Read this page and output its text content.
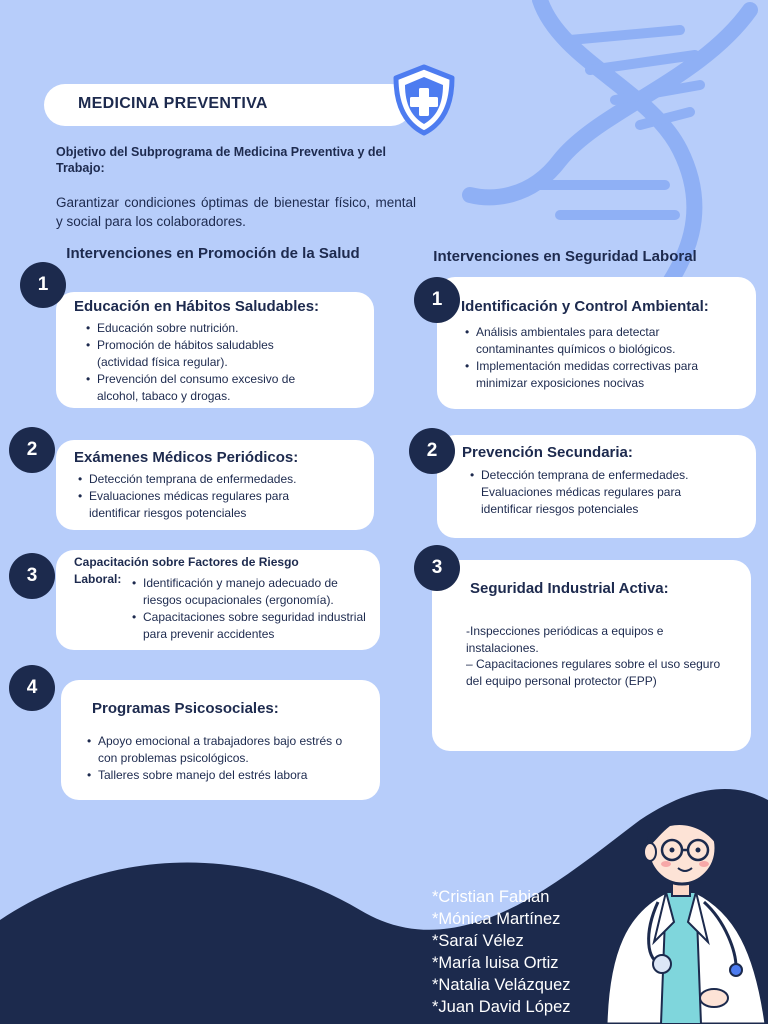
MEDICINA PREVENTIVA
Objetivo del Subprograma de Medicina Preventiva y del Trabajo:
Garantizar condiciones óptimas de bienestar físico, mental y social para los colaboradores.
Intervenciones en Promoción de la Salud	Intervenciones en Seguridad Laboral
Educación en Hábitos Saludables:
• Educación sobre nutrición.
• Promoción de hábitos saludables (actividad física regular).
• Prevención del consumo excesivo de alcohol, tabaco y drogas.
1
Exámenes Médicos Periódicos:
• Detección temprana de enfermedades.
• Evaluaciones médicas regulares para identificar riesgos potenciales
2
Capacitación sobre Factores de Riesgo
Laboral:
•	Identificación y manejo adecuado de riesgos ocupacionales (ergonomía).
• Capacitaciones sobre seguridad industrial para prevenir accidentes
3
Programas Psicosociales:
• Apoyo emocional a trabajadores bajo estrés o con problemas psicológicos.
• Talleres sobre manejo del estrés labora
4
Identificación y Control Ambiental:
• Análisis ambientales para detectar contaminantes químicos o biológicos.
• Implementación medidas correctivas para minimizar exposiciones nocivas
1
Prevención Secundaria:
• Detección temprana de enfermedades. Evaluaciones médicas regulares para identificar riesgos potenciales
2
Seguridad Industrial Activa:
-Inspecciones periódicas a equipos e instalaciones.
– Capacitaciones regulares sobre el uso seguro del equipo personal protector (EPP)
3
*Cristian Fabian
*Mónica Martínez
*Saraí Vélez
*María luisa Ortiz
*Natalia Velázquez
*Juan David López
